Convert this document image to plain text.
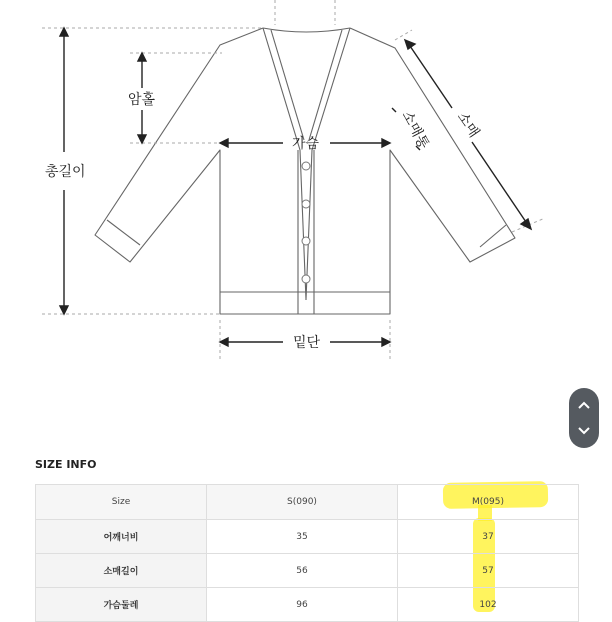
총길이
암홀
가슴
밑단
소매통 소매
SIZE INFO
Size	S(090)	M(095)
어깨너비	35	37
소매길이	56	57
가슴둘레	96	102
